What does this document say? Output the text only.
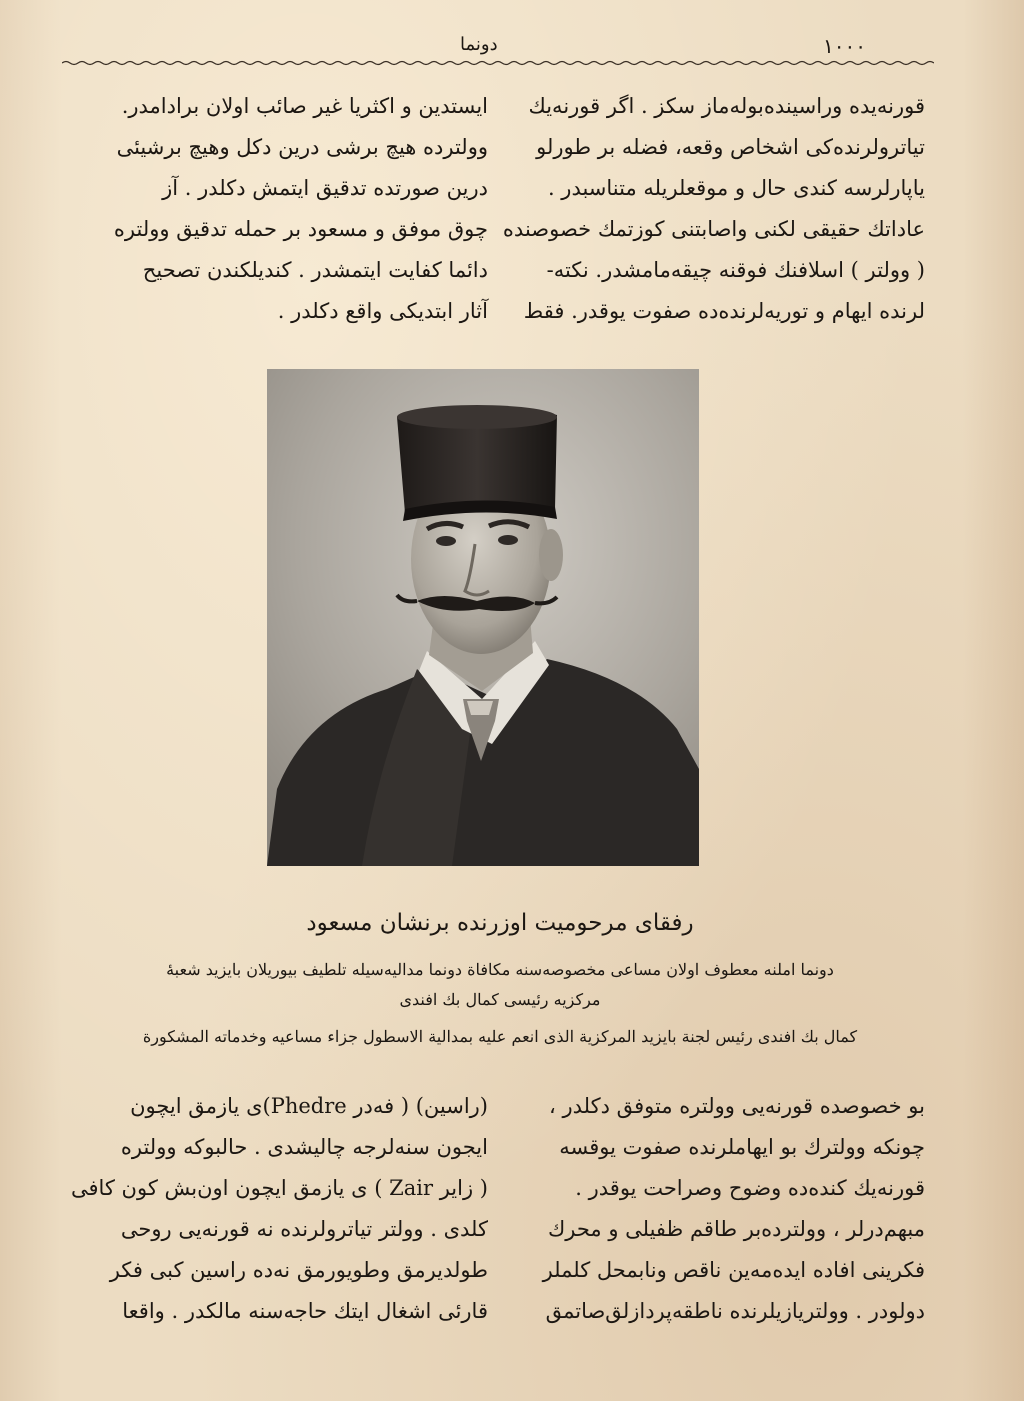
دونما	١٠٠٠

قورنه‌یده وراسینده‌بوله‌ماز سکز . اگر قورنه‌یك

تیاترولرنده‌کی اشخاص وقعه، فضله بر طورلو

یاپارلرسه کندی حال و موقعلریله متناسبدر .

عاداتك حقیقی لکنی واصابتنی کوزتمك خصوصنده

( وولتر ) اسلافنك فوقنه چیقه‌مامشدر. نکته-

لرنده ایهام و توریه‌لرنده‌ده صفوت یوقدر. فقط

ایستدین و اکثریا غیر صائب اولان برادامدر.

وولترده هیچ برشی درین دکل وهیچ برشیئی

درین صورتده تدقیق ایتمش دکلدر . آز

چوق موفق و مسعود بر حمله تدقیق وولتره

دائما کفایت ایتمشدر . کندیلکندن تصحیح

آثار ابتدیکی واقع دکلدر .

رفقای مرحومیت اوزرنده برنشان مسعود
دونما املنه معطوف اولان مساعی مخصوصه‌سنه مکافاة دونما مدالیه‌سیله تلطیف بیوریلان بایزید شعبهٔ
مرکزیه رئیسی کمال بك افندی
کمال بك افندی رئیس لجنة بایزید المرکزیة الذی انعم علیه بمدالیة الاسطول جزاء مساعیه وخدماته المشکورة

بو خصوصده قورنه‌یی وولتره متوفق دکلدر ،

چونکه وولترك بو ایهاملرنده صفوت یوقسه

قورنه‌یك کنده‌ده وضوح وصراحت یوقدر .

مبهم‌درلر ، وولترده‌بر طاقم ظفیلی و محرك

فکرینی افاده ایده‌مه‌ین ناقص ونابمحل کلملر

دولودر . وولتریازیلرنده ناطقه‌پردازلق‌صاتمق

(راسین) ( فه‌در Phedre)ی یازمق ایچون

ایجون سنه‌لرجه چالیشدی . حالبوکه وولتره

( زایر Zair ) ی یازمق ایچون اون‌بش کون کافی

کلدی . وولتر تیاترولرنده نه قورنه‌یی روحی

طولدیرمق وطویورمق نه‌ده راسین کبی فکر

قارئی اشغال ایتك حاجه‌سنه مالکدر . واقعا
